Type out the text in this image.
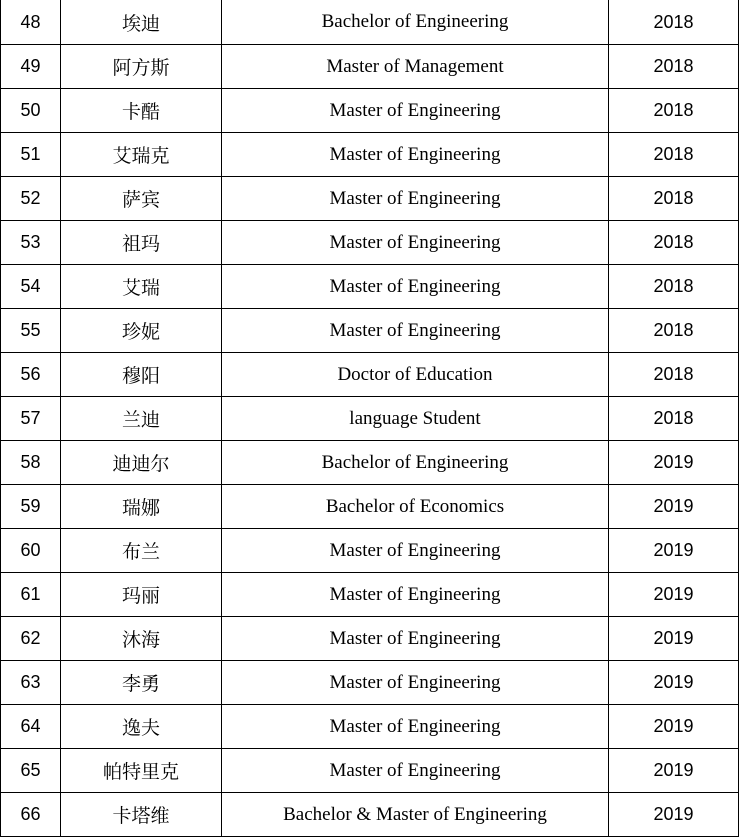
48	埃迪	Bachelor of Engineering	2018
49	阿方斯	Master of Management	2018
50	卡酷	Master of Engineering	2018
51	艾瑞克	Master of Engineering	2018
52	萨宾	Master of Engineering	2018
53	祖玛	Master of Engineering	2018
54	艾瑞	Master of Engineering	2018
55	珍妮	Master of Engineering	2018
56	穆阳	Doctor of Education	2018
57	兰迪	language Student	2018
58	迪迪尔	Bachelor of Engineering	2019
59	瑞娜	Bachelor of Economics	2019
60	布兰	Master of Engineering	2019
61	玛丽	Master of Engineering	2019
62	沐海	Master of Engineering	2019
63	李勇	Master of Engineering	2019
64	逸夫	Master of Engineering	2019
65	帕特里克	Master of Engineering	2019
66	卡塔维	Bachelor & Master of Engineering	2019
